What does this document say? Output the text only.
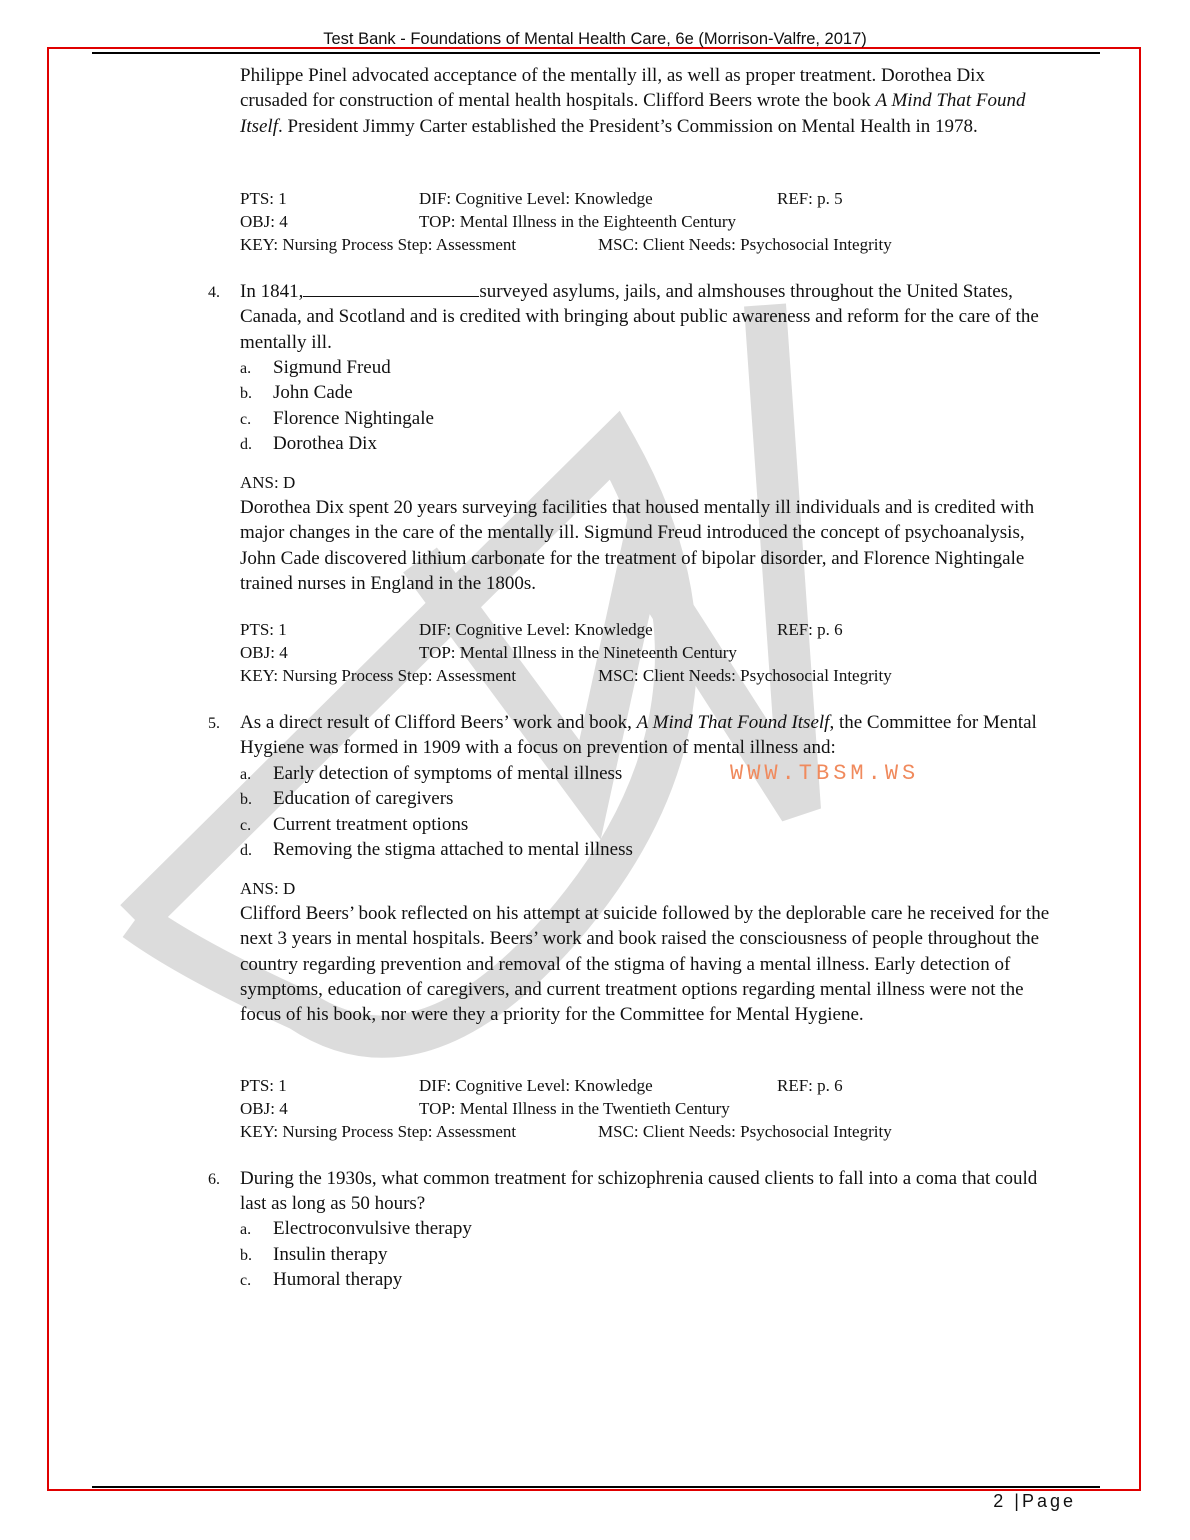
Test Bank - Foundations of Mental Health Care, 6e (Morrison-Valfre, 2017)
2 |Page
Philippe Pinel advocated acceptance of the mentally ill, as well as proper treatment. Dorothea Dix crusaded for construction of mental health hospitals. Clifford Beers wrote the book A Mind That Found Itself. President Jimmy Carter established the President’s Commission on Mental Health in 1978.
PTS: 1	DIF: Cognitive Level: Knowledge	REF: p. 5
OBJ: 4	TOP: Mental Illness in the Eighteenth Century
KEY: Nursing Process Step: Assessment	MSC: Client Needs: Psychosocial Integrity
4. In 1841,	surveyed asylums, jails, and almshouses throughout the United States, Canada, and Scotland and is credited with bringing about public awareness and reform for the care of the mentally ill.
a. Sigmund Freud
b. John Cade
c. Florence Nightingale
d. Dorothea Dix
ANS: D
Dorothea Dix spent 20 years surveying facilities that housed mentally ill individuals and is credited with major changes in the care of the mentally ill. Sigmund Freud introduced the concept of psychoanalysis, John Cade discovered lithium carbonate for the treatment of bipolar disorder, and Florence Nightingale trained nurses in England in the 1800s.
PTS: 1	DIF: Cognitive Level: Knowledge	REF: p. 6
OBJ: 4	TOP: Mental Illness in the Nineteenth Century
KEY: Nursing Process Step: Assessment	MSC: Client Needs: Psychosocial Integrity
5. As a direct result of Clifford Beers’ work and book, A Mind That Found Itself, the Committee for Mental Hygiene was formed in 1909 with a focus on prevention of mental illness and:
a. Early detection of symptoms of mental illness
b. Education of caregivers
c. Current treatment options
d. Removing the stigma attached to mental illness
WWW.TBSM.WS
ANS: D
Clifford Beers’ book reflected on his attempt at suicide followed by the deplorable care he received for the next 3 years in mental hospitals. Beers’ work and book raised the consciousness of people throughout the country regarding prevention and removal of the stigma of having a mental illness. Early detection of symptoms, education of caregivers, and current treatment options regarding mental illness were not the focus of his book, nor were they a priority for the Committee for Mental Hygiene.
PTS: 1	DIF: Cognitive Level: Knowledge	REF: p. 6
OBJ: 4	TOP: Mental Illness in the Twentieth Century
KEY: Nursing Process Step: Assessment	MSC: Client Needs: Psychosocial Integrity
6. During the 1930s, what common treatment for schizophrenia caused clients to fall into a coma that could last as long as 50 hours?
a. Electroconvulsive therapy
b. Insulin therapy
c. Humoral therapy
